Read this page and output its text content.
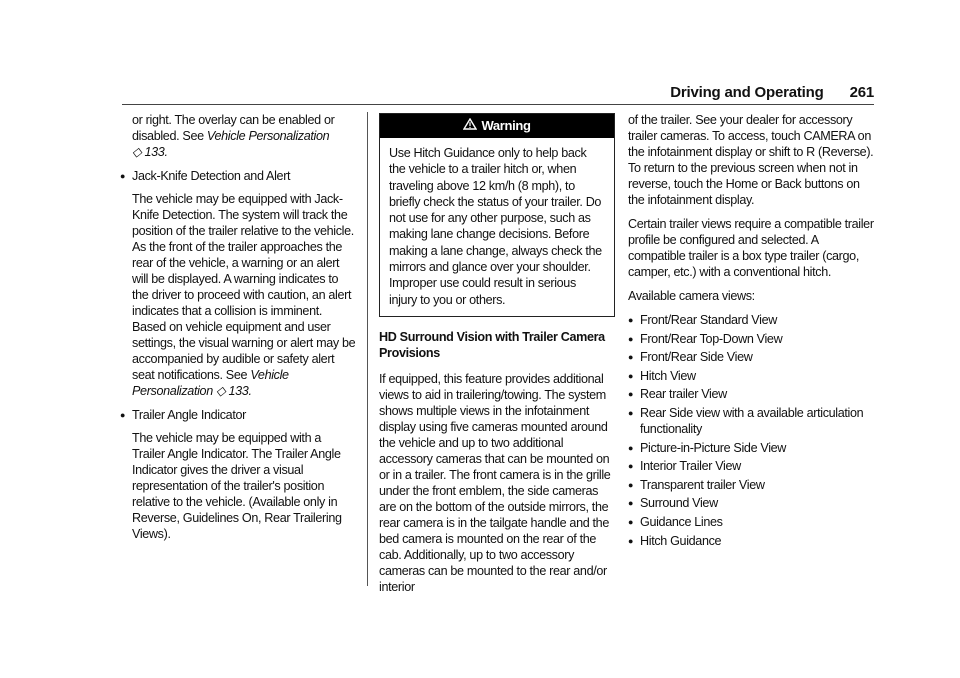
Driving and Operating 261

or right. The overlay can be enabled or disabled. See Vehicle Personalization
◇ 133.

● Jack-Knife Detection and Alert

The vehicle may be equipped with Jack-Knife Detection. The system will track the position of the trailer relative to the vehicle. As the front of the trailer approaches the rear of the vehicle, a warning or an alert will be displayed. A warning indicates to the driver to proceed with caution, an alert indicates that a collision is imminent. Based on vehicle equipment and user settings, the visual warning or alert may be accompanied by audible or safety alert seat notifications. See Vehicle Personalization ◇ 133.

● Trailer Angle Indicator

The vehicle may be equipped with a Trailer Angle Indicator. The Trailer Angle Indicator gives the driver a visual representation of the trailer's position relative to the vehicle. (Available only in Reverse, Guidelines On, Rear Trailering Views).

Warning
Use Hitch Guidance only to help back the vehicle to a trailer hitch or, when traveling above 12 km/h (8 mph), to briefly check the status of your trailer. Do not use for any other purpose, such as making lane change decisions. Before making a lane change, always check the mirrors and glance over your shoulder. Improper use could result in serious injury to you or others.
HD Surround Vision with Trailer Camera Provisions

If equipped, this feature provides additional views to aid in trailering/towing. The system shows multiple views in the infotainment display using five cameras mounted around the vehicle and up to two additional accessory cameras that can be mounted on or in a trailer. The front camera is in the grille under the front emblem, the side cameras are on the bottom of the outside mirrors, the rear camera is in the tailgate handle and the bed camera is mounted on the rear of the cab. Additionally, up to two accessory cameras can be mounted to the rear and/or interior

of the trailer. See your dealer for accessory trailer cameras. To access, touch CAMERA on the infotainment display or shift to R (Reverse). To return to the previous screen when not in reverse, touch the Home or Back buttons on the infotainment display.

Certain trailer views require a compatible trailer profile be configured and selected. A compatible trailer is a box type trailer (cargo, camper, etc.) with a conventional hitch.

Available camera views:

● Front/Rear Standard View
● Front/Rear Top-Down View
● Front/Rear Side View
● Hitch View
● Rear trailer View
● Rear Side view with a available articulation functionality
● Picture-in-Picture Side View
● Interior Trailer View
● Transparent trailer View
● Surround View
● Guidance Lines
● Hitch Guidance
